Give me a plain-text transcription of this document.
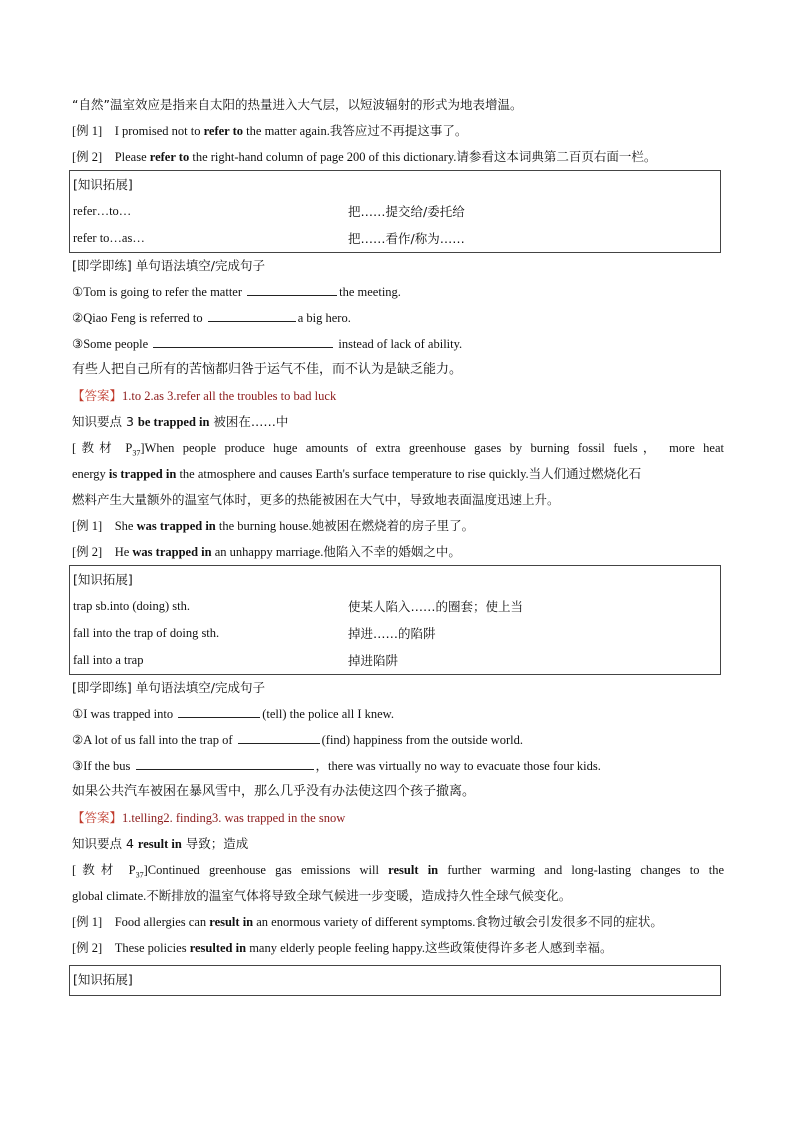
“自然”温室效应是指来自太阳的热量进入大气层，以短波辐射的形式为地表增温。
[例 1] I promised not to refer to the matter again.我答应过不再提这事了。
[例 2] Please refer to the right-hand column of page 200 of this dictionary.请参看这本词典第二百页右面一栏。
[知识拓展]
refer…to…	把……提交给/委托给
refer to…as…	把……看作/称为……
[即学即练] 单句语法填空/完成句子
①Tom is going to refer the matter	the meeting.
②Qiao Feng is referred to	a big hero.
③Some people	instead of lack of ability.
有些人把自己所有的苦恼都归咎于运气不佳，而不认为是缺乏能力。
【答案】1.to 2.as 3.refer all the troubles to bad luck
知识要点 3 be trapped in 被困在……中
[教材 $P_{37}]When$ people produce huge amounts of extra greenhouse gases by burning fossil fuels， more heat
energy is trapped in the atmosphere and causes Earth's surface temperature to rise quickly.当人们通过燃烧化石
燃料产生大量额外的温室气体时，更多的热能被困在大气中，导致地表面温度迅速上升。
[例 1] She was trapped in the burning house.她被困在燃烧着的房子里了。
[例 2] He was trapped in an unhappy marriage.他陷入不幸的婚姻之中。
[知识拓展]
trap sb.into (doing) sth.	使某人陷入……的圈套；使上当
fall into the trap of doing sth.	掉进……的陷阱
fall into a trap	掉进陷阱
[即学即练] 单句语法填空/完成句子
①I was trapped into	(tell) the police all I knew.
②A lot of us fall into the trap of	(find) happiness from the outside world.
③If the bus	，there was virtually no way to evacuate those four kids.
如果公共汽车被困在暴风雪中，那么几乎没有办法使这四个孩子撤离。
【答案】1.telling2. finding3. was trapped in the snow
知识要点 4 result in 导致；造成
[教材 $P_{37}]Continued$ greenhouse gas emissions will result in further warming and long-lasting changes to the
global climate.不断排放的温室气体将导致全球气候进一步变暖，造成持久性全球气候变化。
[例 1] Food allergies can result in an enormous variety of different symptoms.食物过敏会引发很多不同的症状。
[例 2] These policies resulted in many elderly people feeling happy.这些政策使得许多老人感到幸福。
[知识拓展]
